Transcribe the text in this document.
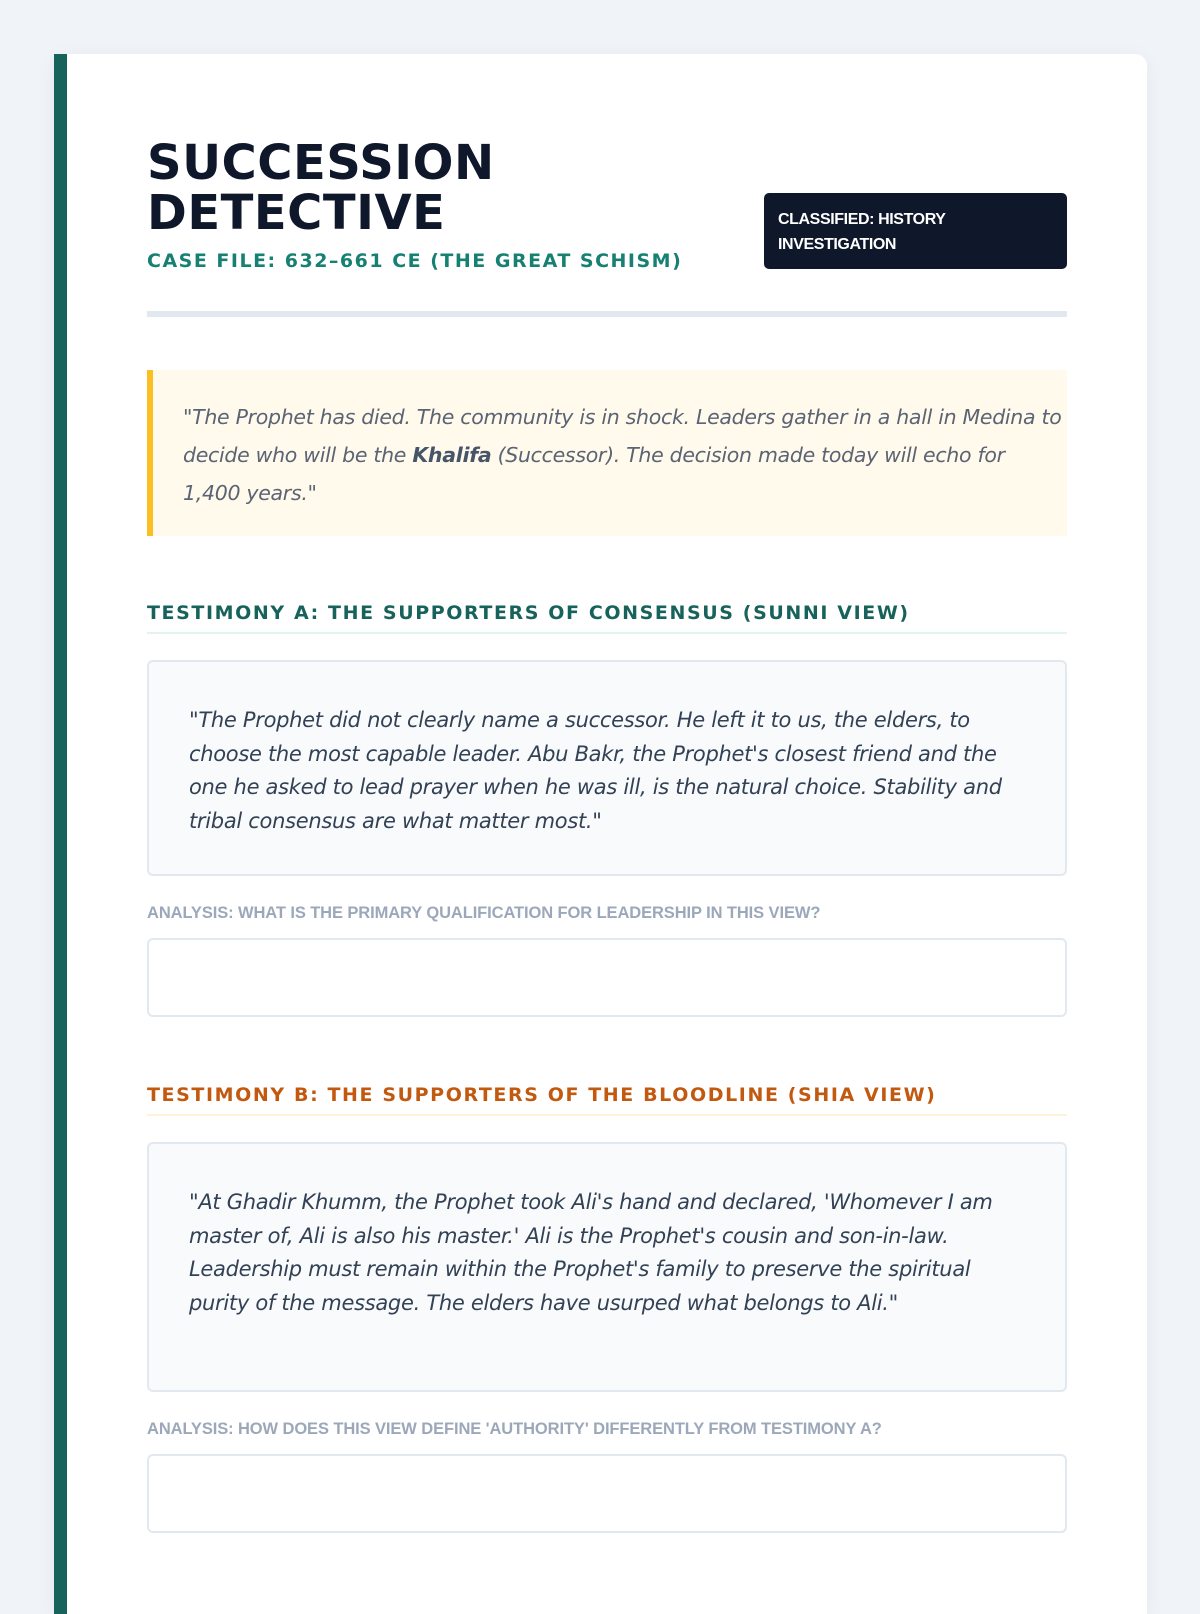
SUCCESSION
DETECTIVE
CASE FILE: 632–661 CE (THE GREAT SCHISM)
CLASSIFIED: HISTORY INVESTIGATION
"The Prophet has died. The community is in shock. Leaders gather in a hall in Medina to decide who will be the Khalifa (Successor). The decision made today will echo for 1,400 years."
TESTIMONY A: THE SUPPORTERS OF CONSENSUS (SUNNI VIEW)
"The Prophet did not clearly name a successor. He left it to us, the elders, to choose the most capable leader. Abu Bakr, the Prophet's closest friend and the one he asked to lead prayer when he was ill, is the natural choice. Stability and tribal consensus are what matter most."
ANALYSIS: WHAT IS THE PRIMARY QUALIFICATION FOR LEADERSHIP IN THIS VIEW?
TESTIMONY B: THE SUPPORTERS OF THE BLOODLINE (SHIA VIEW)
"At Ghadir Khumm, the Prophet took Ali's hand and declared, 'Whomever I am master of, Ali is also his master.' Ali is the Prophet's cousin and son-in-law. Leadership must remain within the Prophet's family to preserve the spiritual purity of the message. The elders have usurped what belongs to Ali."
ANALYSIS: HOW DOES THIS VIEW DEFINE 'AUTHORITY' DIFFERENTLY FROM TESTIMONY A?
